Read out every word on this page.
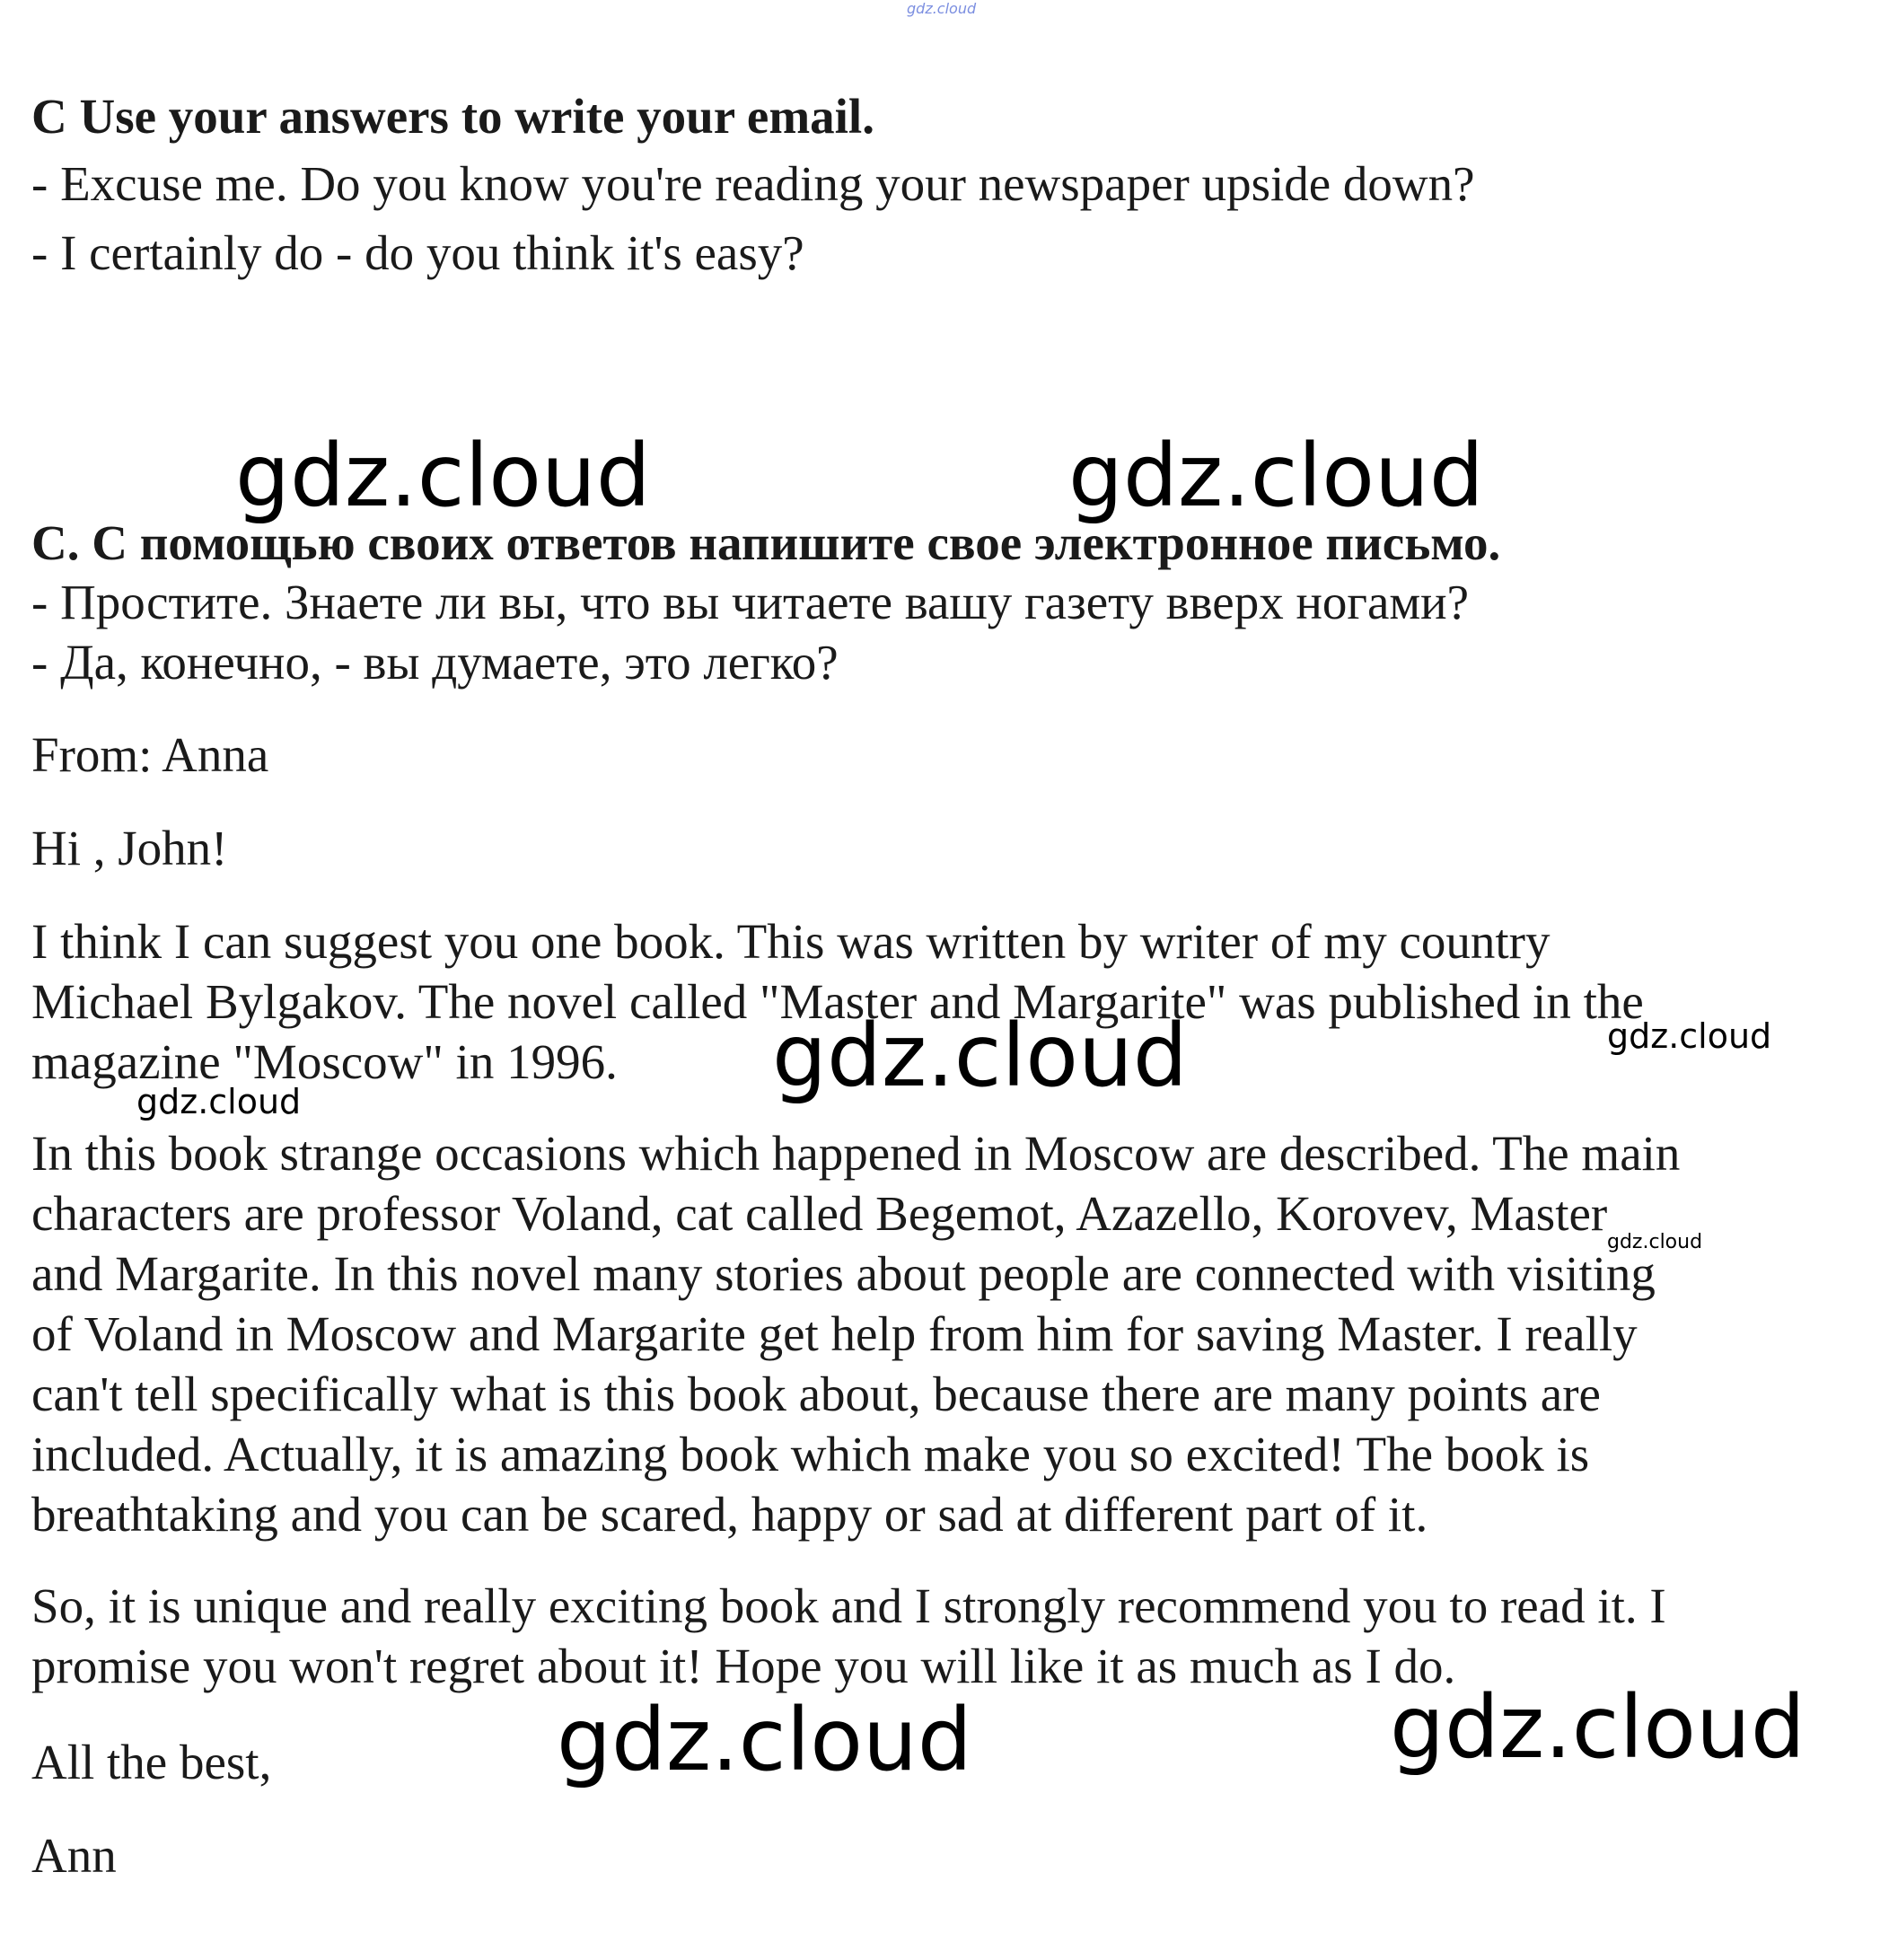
gdz.cloud
C Use your answers to write your email.
- Excuse me. Do you know you're reading your newspaper upside down?
- I certainly do - do you think it's easy?
C. С помощью своих ответов напишите свое электронное письмо.
- Простите. Знаете ли вы, что вы читаете вашу газету вверх ногами?
- Да, конечно, - вы думаете, это легко?
From: Anna
Hi , John!
I think I can suggest you one book. This was written by writer of my country
Michael Bylgakov. The novel called "Master and Margarite" was published in the
magazine "Moscow" in 1996.
In this book strange occasions which happened in Moscow are described. The main
characters are professor Voland, cat called Begemot, Azazello, Korovev, Master
and Margarite. In this novel many stories about people are connected with visiting
of Voland in Moscow and Margarite get help from him for saving Master. I really
can't tell specifically what is this book about, because there are many points are
included. Actually, it is amazing book which make you so excited! The book is
breathtaking and you can be scared, happy or sad at different part of it.
So, it is unique and really exciting book and I strongly recommend you to read it. I
promise you won't regret about it! Hope you will like it as much as I do.
All the best,
Ann
gdz.cloud	gdz.cloud
gdz.cloud	gdz.cloud
gdz.cloud
gdz.cloud
gdz.cloud	gdz.cloud
